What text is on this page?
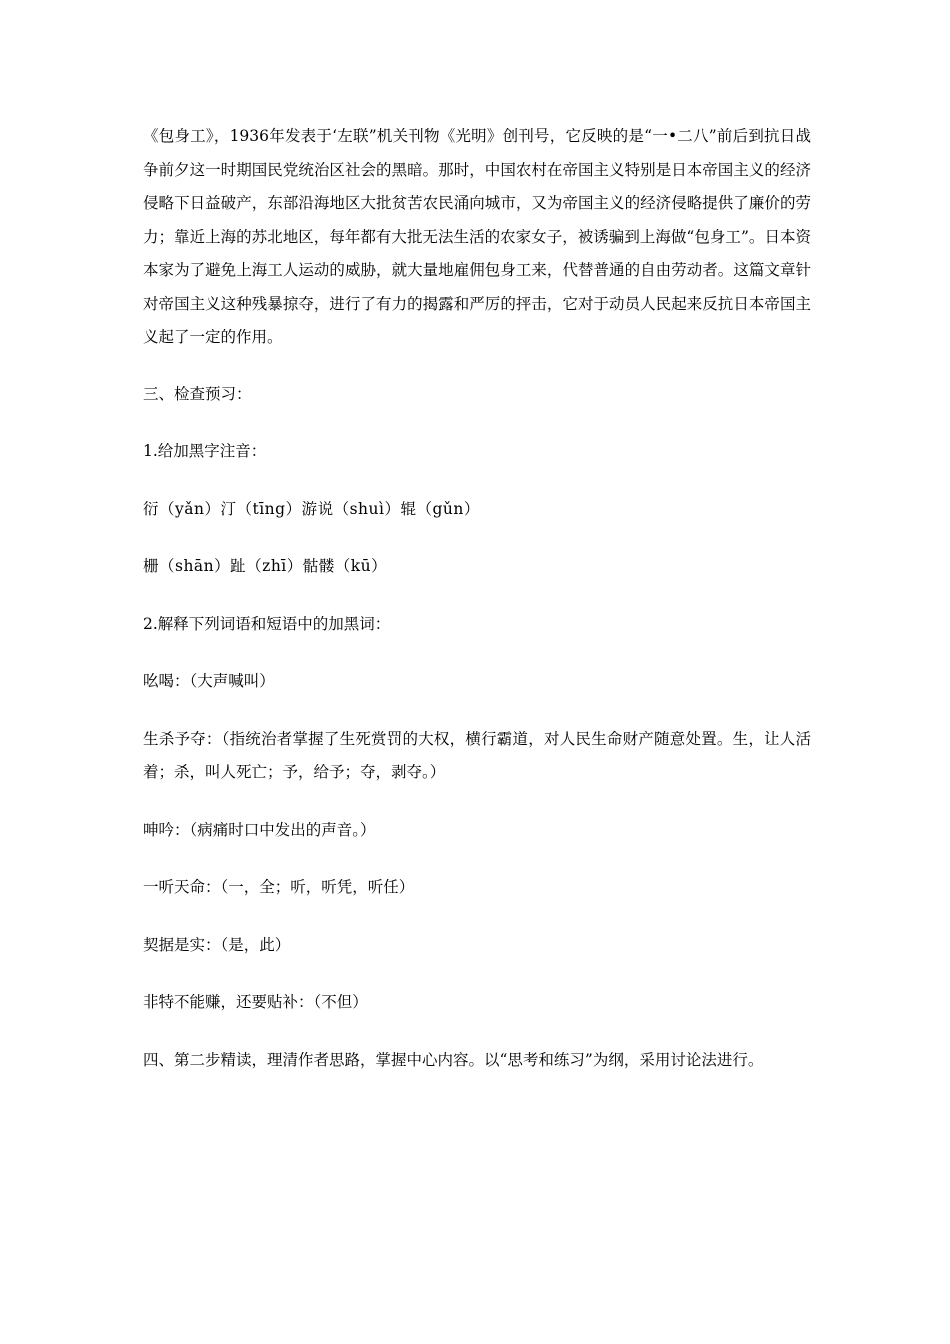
《包身工》，1936年发表于‘左联”机关刊物《光明》创刊号，它反映的是“一•二八”前后到抗日战争前夕这一时期国民党统治区社会的黑暗。那时，中国农村在帝国主义特别是日本帝国主义的经济侵略下日益破产，东部沿海地区大批贫苦农民涌向城市，又为帝国主义的经济侵略提供了廉价的劳力；靠近上海的苏北地区，每年都有大批无法生活的农家女子，被诱骗到上海做“包身工”。日本资本家为了避免上海工人运动的威胁，就大量地雇佣包身工来，代替普通的自由劳动者。这篇文章针对帝国主义这种残暴掠夺，进行了有力的揭露和严厉的抨击，它对于动员人民起来反抗日本帝国主义起了一定的作用。

三、检查预习：

1.给加黑字注音：

衍（yǎn）汀（tīng）游说（shuì）辊（gǔn）

栅（shān）趾（zhī）骷髅（kū）

2.解释下列词语和短语中的加黑词：

吆喝：（大声喊叫）

生杀予夺：（指统治者掌握了生死赏罚的大权，横行霸道，对人民生命财产随意处置。生，让人活着；杀，叫人死亡；予，给予；夺，剥夺。）

呻吟：（病痛时口中发出的声音。）

一听天命：（一，全；听，听凭，听任）

契据是实：（是，此）

非特不能赚，还要贴补：（不但）

四、第二步精读，理清作者思路，掌握中心内容。以“思考和练习”为纲，采用讨论法进行。
